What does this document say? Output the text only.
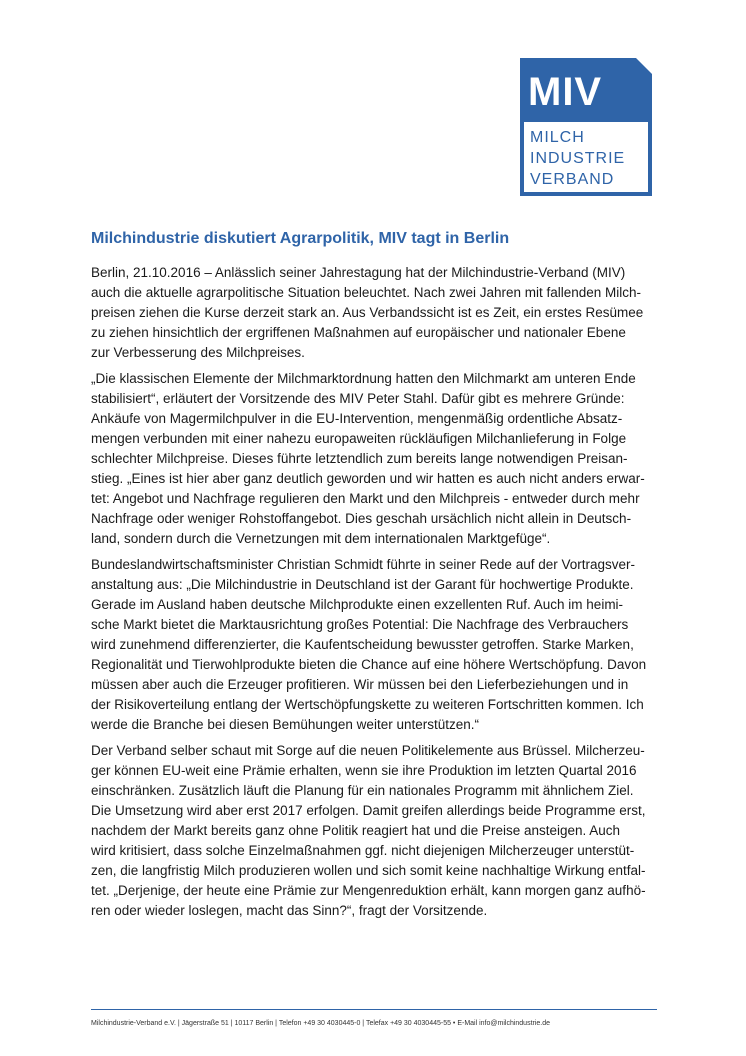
MIV
MILCH
INDUSTRIE
VERBAND
Milchindustrie diskutiert Agrarpolitik, MIV tagt in Berlin

Berlin, 21.10.2016 – Anlässlich seiner Jahrestagung hat der Milchindustrie-Verband (MIV)
auch die aktuelle agrarpolitische Situation beleuchtet. Nach zwei Jahren mit fallenden Milch-
preisen ziehen die Kurse derzeit stark an. Aus Verbandssicht ist es Zeit, ein erstes Resümee
zu ziehen hinsichtlich der ergriffenen Maßnahmen auf europäischer und nationaler Ebene
zur Verbesserung des Milchpreises.

„Die klassischen Elemente der Milchmarktordnung hatten den Milchmarkt am unteren Ende
stabilisiert“, erläutert der Vorsitzende des MIV Peter Stahl. Dafür gibt es mehrere Gründe:
Ankäufe von Magermilchpulver in die EU-Intervention, mengenmäßig ordentliche Absatz-
mengen verbunden mit einer nahezu europaweiten rückläufigen Milchanlieferung in Folge
schlechter Milchpreise. Dieses führte letztendlich zum bereits lange notwendigen Preisan-
stieg. „Eines ist hier aber ganz deutlich geworden und wir hatten es auch nicht anders erwar-
tet: Angebot und Nachfrage regulieren den Markt und den Milchpreis - entweder durch mehr
Nachfrage oder weniger Rohstoffangebot. Dies geschah ursächlich nicht allein in Deutsch-
land, sondern durch die Vernetzungen mit dem internationalen Marktgefüge“.

Bundeslandwirtschaftsminister Christian Schmidt führte in seiner Rede auf der Vortragsver-
anstaltung aus: „Die Milchindustrie in Deutschland ist der Garant für hochwertige Produkte.
Gerade im Ausland haben deutsche Milchprodukte einen exzellenten Ruf. Auch im heimi-
sche Markt bietet die Marktausrichtung großes Potential: Die Nachfrage des Verbrauchers
wird zunehmend differenzierter, die Kaufentscheidung bewusster getroffen. Starke Marken,
Regionalität und Tierwohlprodukte bieten die Chance auf eine höhere Wertschöpfung. Davon
müssen aber auch die Erzeuger profitieren. Wir müssen bei den Lieferbeziehungen und in
der Risikoverteilung entlang der Wertschöpfungskette zu weiteren Fortschritten kommen. Ich
werde die Branche bei diesen Bemühungen weiter unterstützen.“

Der Verband selber schaut mit Sorge auf die neuen Politikelemente aus Brüssel. Milcherzeu-
ger können EU-weit eine Prämie erhalten, wenn sie ihre Produktion im letzten Quartal 2016
einschränken. Zusätzlich läuft die Planung für ein nationales Programm mit ähnlichem Ziel.
Die Umsetzung wird aber erst 2017 erfolgen. Damit greifen allerdings beide Programme erst,
nachdem der Markt bereits ganz ohne Politik reagiert hat und die Preise ansteigen. Auch
wird kritisiert, dass solche Einzelmaßnahmen ggf. nicht diejenigen Milcherzeuger unterstüt-
zen, die langfristig Milch produzieren wollen und sich somit keine nachhaltige Wirkung entfal-
tet. „Derjenige, der heute eine Prämie zur Mengenreduktion erhält, kann morgen ganz aufhö-
ren oder wieder loslegen, macht das Sinn?“, fragt der Vorsitzende.

Milchindustrie-Verband e.V. | Jägerstraße 51 | 10117 Berlin | Telefon +49 30 4030445-0 | Telefax +49 30 4030445-55 • E-Mail info@milchindustrie.de
